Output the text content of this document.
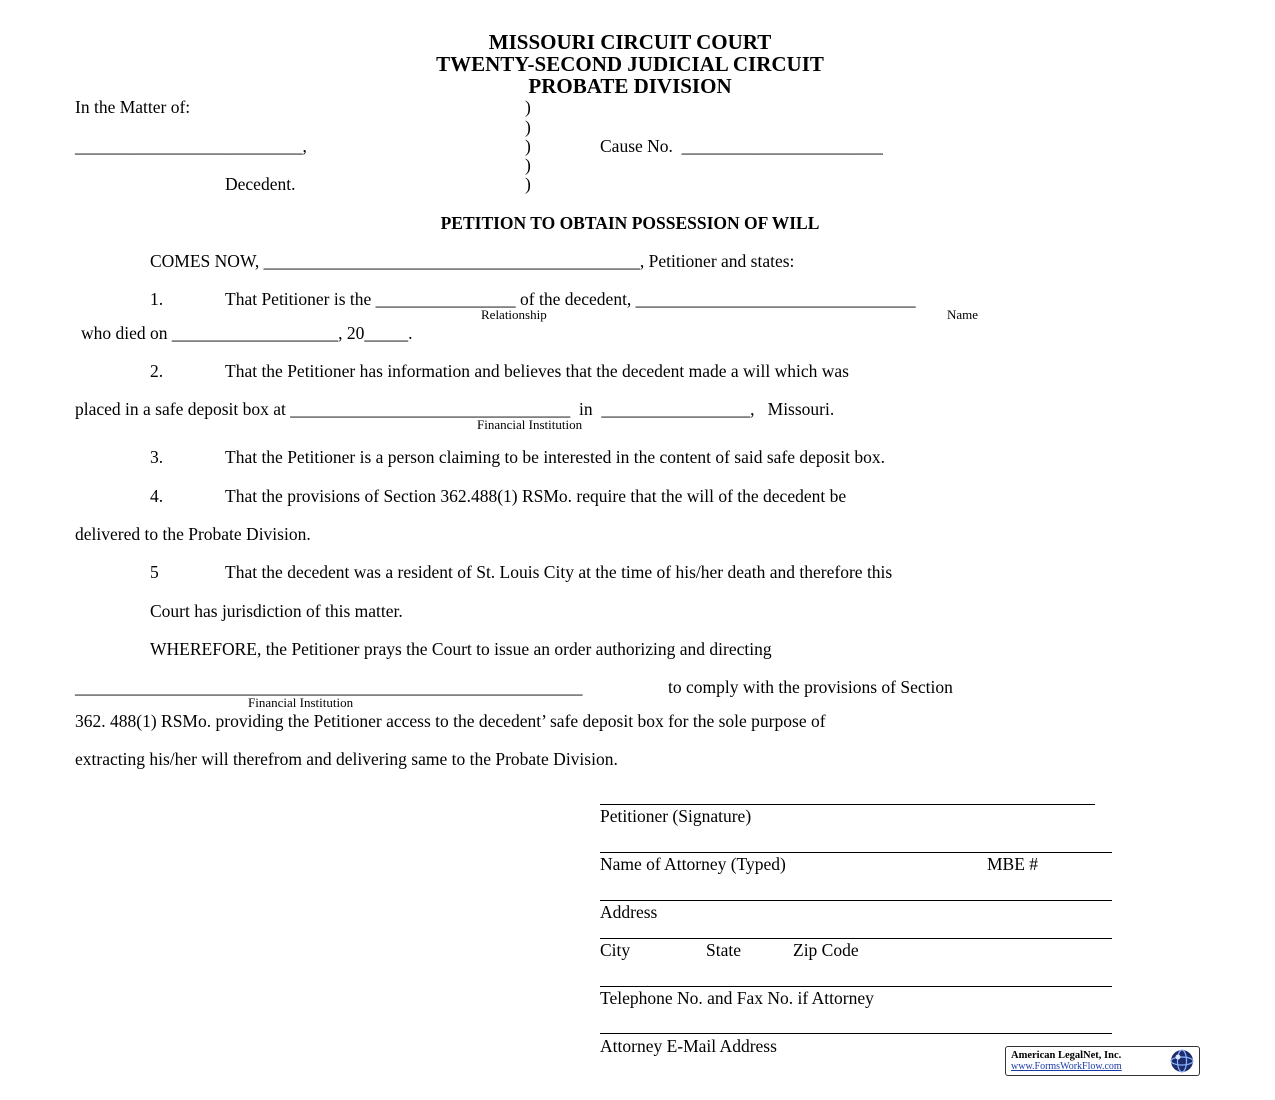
MISSOURI CIRCUIT COURT
TWENTY-SECOND JUDICIAL CIRCUIT
PROBATE DIVISION
In the Matter of:
__________________________,
Decedent.
)
)
)
)
)
Cause No.  _______________________
PETITION TO OBTAIN POSSESSION OF WILL
COMES NOW, ___________________________________________, Petitioner and states:
1.	That Petitioner is the ________________ of the decedent, ________________________________
Relationship	Name
who died on ___________________, 20_____.
2.	That the Petitioner has information and believes that the decedent made a will which was
placed in a safe deposit box at ________________________________  in  _________________,   Missouri.
Financial Institution
3.	That the Petitioner is a person claiming to be interested in the content of said safe deposit box.
4.	That the provisions of Section 362.488(1) RSMo. require that the will of the decedent be
delivered to the Probate Division.
5	That the decedent was a resident of St. Louis City at the time of his/her death and therefore this
Court has jurisdiction of this matter.
WHEREFORE, the Petitioner prays the Court to issue an order authorizing and directing
__________________________________________________________
Financial Institution
to comply with the provisions of Section
362. 488(1) RSMo. providing the Petitioner access to the decedent’ safe deposit box for the sole purpose of
extracting his/her will therefrom and delivering same to the Probate Division.
Petitioner (Signature)
Name of Attorney (Typed)	MBE #
Address
City	State	Zip Code
Telephone No. and Fax No. if Attorney
Attorney E-Mail Address	American LegalNet, Inc.
www.FormsWorkFlow.com
